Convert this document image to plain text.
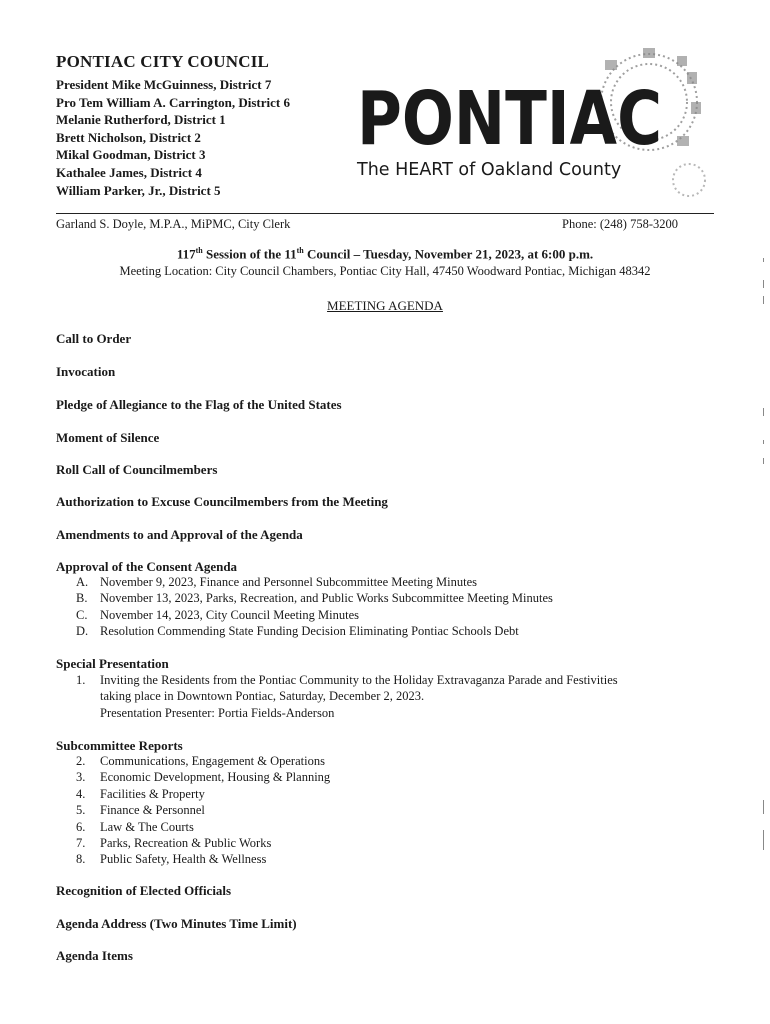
PONTIAC CITY COUNCIL
President Mike McGuinness, District 7
Pro Tem William A. Carrington, District 6
Melanie Rutherford, District 1
Brett Nicholson, District 2
Mikal Goodman, District 3
Kathalee James, District 4
William Parker, Jr., District 5
PONTIAC
The HEART of Oakland County
Garland S. Doyle, M.P.A., MiPMC, City Clerk	Phone: (248) 758-3200
117th Session of the 11th Council – Tuesday, November 21, 2023, at 6:00 p.m.
Meeting Location: City Council Chambers, Pontiac City Hall, 47450 Woodward Pontiac, Michigan 48342
MEETING AGENDA
Call to Order
Invocation
Pledge of Allegiance to the Flag of the United States
Moment of Silence
Roll Call of Councilmembers
Authorization to Excuse Councilmembers from the Meeting
Amendments to and Approval of the Agenda
Approval of the Consent Agenda
A. November 9, 2023, Finance and Personnel Subcommittee Meeting Minutes
B. November 13, 2023, Parks, Recreation, and Public Works Subcommittee Meeting Minutes
C. November 14, 2023, City Council Meeting Minutes
D. Resolution Commending State Funding Decision Eliminating Pontiac Schools Debt
Special Presentation
1. Inviting the Residents from the Pontiac Community to the Holiday Extravaganza Parade and Festivities
taking place in Downtown Pontiac, Saturday, December 2, 2023.
Presentation Presenter: Portia Fields-Anderson
Subcommittee Reports
2. Communications, Engagement & Operations
3. Economic Development, Housing & Planning
4. Facilities & Property
5. Finance & Personnel
6. Law & The Courts
7. Parks, Recreation & Public Works
8. Public Safety, Health & Wellness
Recognition of Elected Officials
Agenda Address (Two Minutes Time Limit)
Agenda Items
